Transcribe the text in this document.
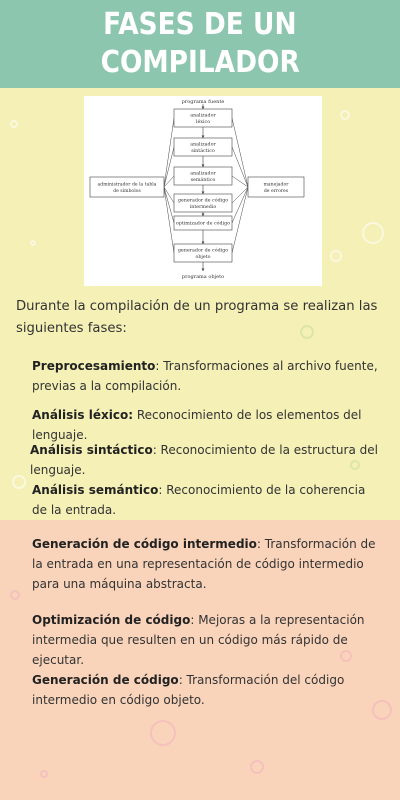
FASES DE UN
COMPILADOR
programa fuente
administrador de la tabla
de símbolos
manejador
de errores
analizador
léxico
analizador
sintáctico
analizador
semántico
generador de código
intermedio
optimizador de código
generador de código
objeto
programa objeto
Durante la compilación de un programa se realizan las siguientes fases:
Preprocesamiento: Transformaciones al archivo fuente, previas a la compilación.
Análisis léxico: Reconocimiento de los elementos del lenguaje.
Análisis sintáctico: Reconocimiento de la estructura del lenguaje.
Análisis semántico: Reconocimiento de la coherencia de la entrada.
Generación de código intermedio: Transformación de la entrada en una representación de código intermedio para una máquina abstracta.
Optimización de código: Mejoras a la representación intermedia que resulten en un código más rápido de ejecutar.
Generación de código: Transformación del código intermedio en código objeto.
